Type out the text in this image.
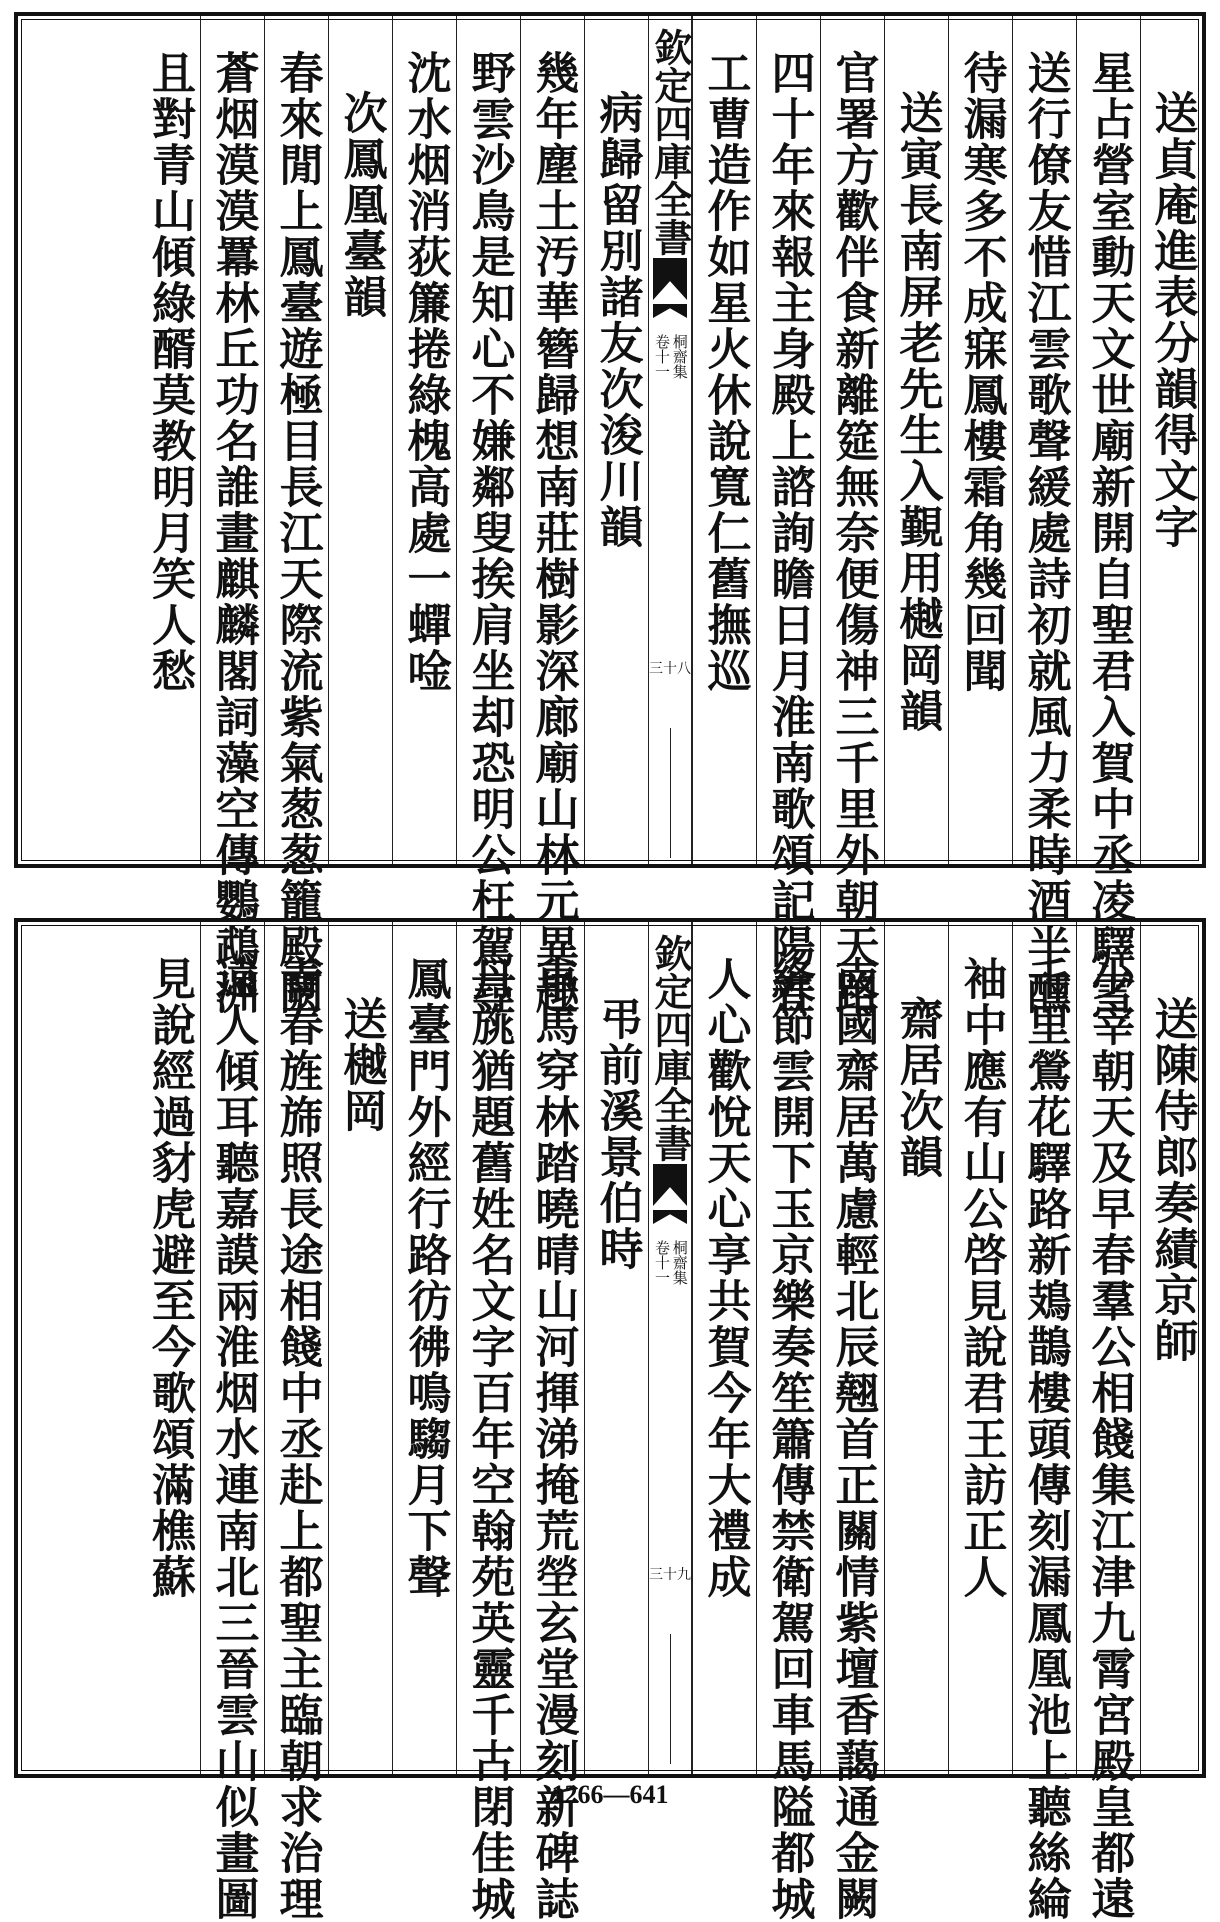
送貞庵進表分韻得文字
星占營室動天文世廟新開自聖君入賀中丞凌驛雪
送行僚友惜江雲歌聲緩處詩初就風力柔時酒半醺
待漏寒多不成寐鳳樓霜角幾回聞
送寅長南屏老先生入覲用樾岡韻
官署方歡伴食新離筵無奈便傷神三千里外朝天路
四十年來報主身殿上諮詢瞻日月淮南歌頌記陽春
工曹造作如星火休說寬仁舊撫巡
欽定四庫全書
桐齋集
卷十一
三十八
病歸留別諸友次浚川韻
幾年塵土汚華簪歸想南莊樹影深廊廟山林元異趣
野雲沙鳥是知心不嫌鄰叟挨肩坐却恐明公枉駕尋
沈水烟消荻簾捲綠槐高處一蟬唫
次鳳凰臺韻
春來閒上鳳臺遊極目長江天際流紫氣葱葱籠殿闕
蒼烟漠漠羃林丘功名誰畫麒麟閣詞藻空傳鸚鵡洲
且對青山傾綠醑莫教明月笑人愁
送陳侍郎奏績京師
少宰朝天及早春羣公相餞集江津九霄宮殿皇都遠
千里鶯花驛路新鳷鵲樓頭傳刻漏鳳凰池上聽絲綸
袖中應有山公啓見說君王訪正人
齋居次韻
南國齋居萬慮輕北辰翹首正關情紫壇香藹通金闕
絳節雲開下玉京樂奏笙簫傳禁衛駕回車馬隘都城
人心歡悅天心享共賀今年大禮成
欽定四庫全書
桐齋集
卷十一
三十九
弔前溪景伯時
車馬穿林踏曉晴山河揮涕掩荒塋玄堂漫刻新碑誌
丹旐猶題舊姓名文字百年空翰苑英靈千古閉佳城
鳳臺門外經行路彷彿鳴騶月下聲
送樾岡
青春旌旆照長途相餞中丞赴上都聖主臨朝求治理
遠人傾耳聽嘉謨兩淮烟水連南北三晉雲山似畫圖
見說經過豺虎避至今歌頌滿樵蘇
1266—641
